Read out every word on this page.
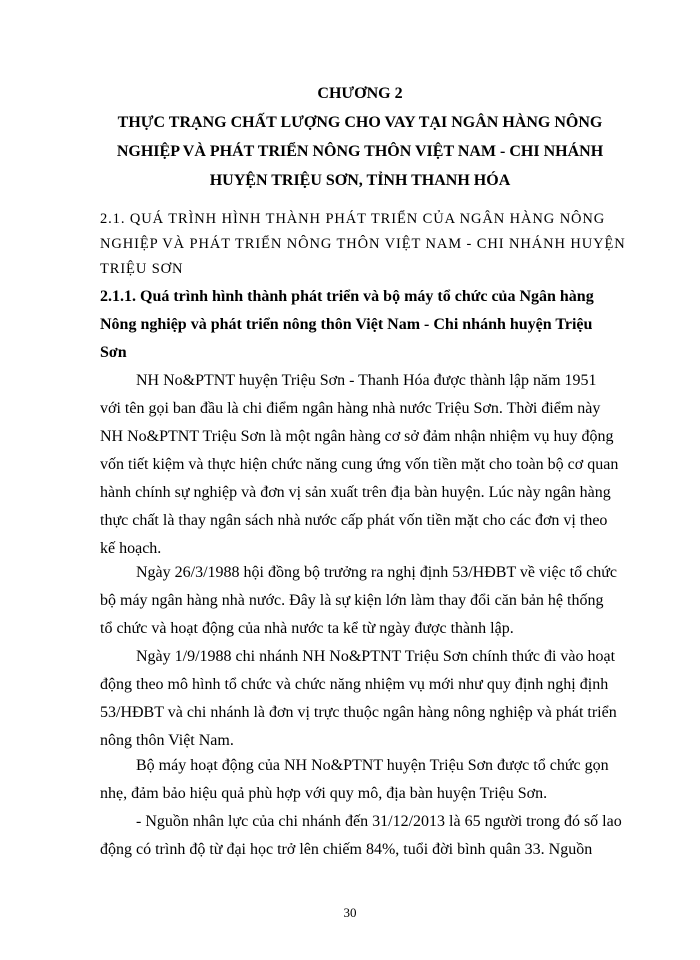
CHƯƠNG 2
THỰC TRẠNG CHẤT LƯỢNG CHO VAY TẠI NGÂN HÀNG NÔNG
NGHIỆP VÀ PHÁT TRIỂN NÔNG THÔN VIỆT NAM - CHI NHÁNH
HUYỆN TRIỆU SƠN, TỈNH THANH HÓA
2.1. QUÁ TRÌNH HÌNH THÀNH PHÁT TRIỂN CỦA NGÂN HÀNG NÔNG
NGHIỆP VÀ PHÁT TRIỂN NÔNG THÔN VIỆT NAM - CHI NHÁNH HUYỆN
TRIỆU SƠN
2.1.1. Quá trình hình thành phát triển và bộ máy tổ chức của Ngân hàng
Nông nghiệp và phát triển nông thôn Việt Nam - Chi nhánh huyện Triệu
Sơn
NH No&PTNT huyện Triệu Sơn - Thanh Hóa được thành lập năm 1951
với tên gọi ban đầu là chi điểm ngân hàng nhà nước Triệu Sơn. Thời điểm này
NH No&PTNT Triệu Sơn là một ngân hàng cơ sở đảm nhận nhiệm vụ huy động
vốn tiết kiệm và thực hiện chức năng cung ứng vốn tiền mặt cho toàn bộ cơ quan
hành chính sự nghiệp và đơn vị sản xuất trên địa bàn huyện. Lúc này ngân hàng
thực chất là thay ngân sách nhà nước cấp phát vốn tiền mặt cho các đơn vị theo
kế hoạch.
Ngày 26/3/1988 hội đồng bộ trưởng ra nghị định 53/HĐBT về việc tổ chức
bộ máy ngân hàng nhà nước. Đây là sự kiện lớn làm thay đổi căn bản hệ thống
tổ chức và hoạt động của nhà nước ta kể từ ngày được thành lập.
Ngày 1/9/1988 chi nhánh NH No&PTNT Triệu Sơn chính thức đi vào hoạt
động theo mô hình tổ chức và chức năng nhiệm vụ mới như quy định nghị định
53/HĐBT và chi nhánh là đơn vị trực thuộc ngân hàng nông nghiệp và phát triển
nông thôn Việt Nam.
Bộ máy hoạt động của NH No&PTNT huyện Triệu Sơn được tổ chức gọn
nhẹ, đảm bảo hiệu quả phù hợp với quy mô, địa bàn huyện Triệu Sơn.
- Nguồn nhân lực của chi nhánh đến 31/12/2013 là 65 người trong đó số lao
động có trình độ từ đại học trở lên chiếm 84%, tuổi đời bình quân 33. Nguồn
30
